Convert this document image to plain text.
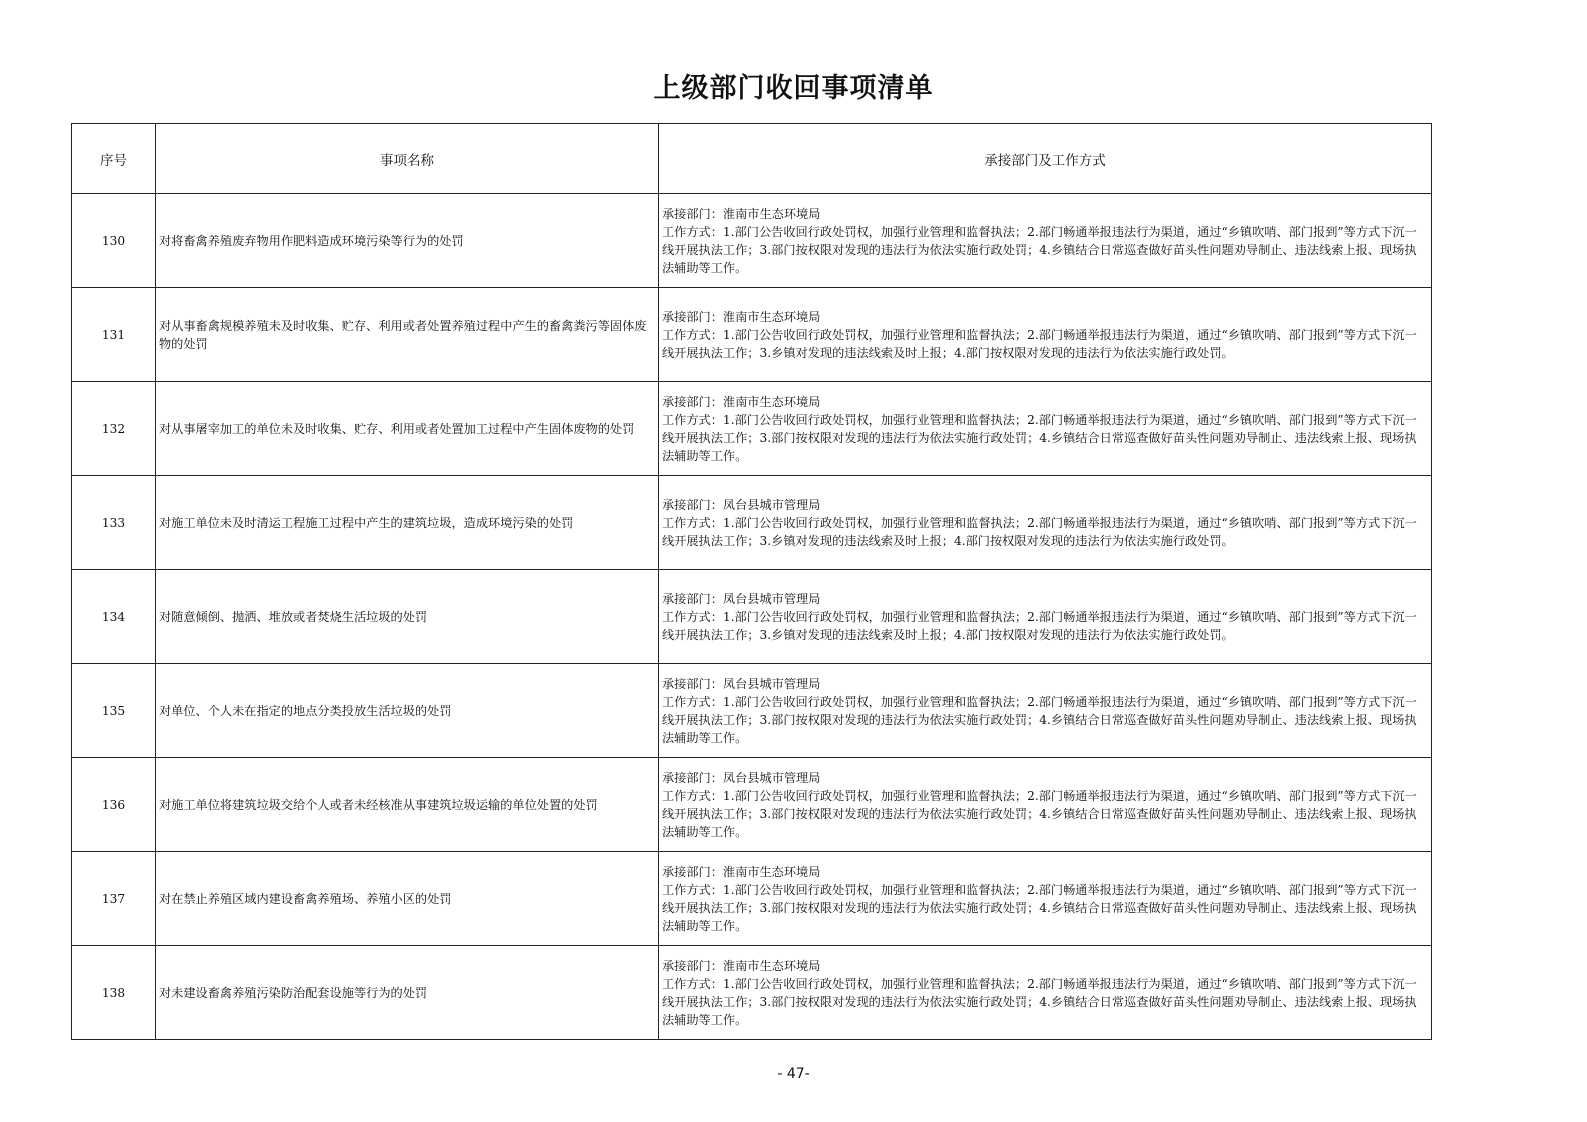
上级部门收回事项清单
序号	事项名称	承接部门及工作方式
130	对将畜禽养殖废弃物用作肥料造成环境污染等行为的处罚	承接部门：淮南市生态环境局
工作方式：1.部门公告收回行政处罚权，加强行业管理和监督执法；2.部门畅通举报违法行为渠道，通过“乡镇吹哨、部门报到”等方式下沉一线开展执法工作；3.部门按权限对发现的违法行为依法实施行政处罚；4.乡镇结合日常巡查做好苗头性问题劝导制止、违法线索上报、现场执法辅助等工作。

131	对从事畜禽规模养殖未及时收集、贮存、利用或者处置养殖过程中产生的畜禽粪污等固体废物的处罚	承接部门：淮南市生态环境局
工作方式：1.部门公告收回行政处罚权，加强行业管理和监督执法；2.部门畅通举报违法行为渠道，通过“乡镇吹哨、部门报到”等方式下沉一线开展执法工作；3.乡镇对发现的违法线索及时上报；4.部门按权限对发现的违法行为依法实施行政处罚。

132	对从事屠宰加工的单位未及时收集、贮存、利用或者处置加工过程中产生固体废物的处罚	承接部门：淮南市生态环境局
工作方式：1.部门公告收回行政处罚权，加强行业管理和监督执法；2.部门畅通举报违法行为渠道，通过“乡镇吹哨、部门报到”等方式下沉一线开展执法工作；3.部门按权限对发现的违法行为依法实施行政处罚；4.乡镇结合日常巡查做好苗头性问题劝导制止、违法线索上报、现场执法辅助等工作。

133	对施工单位未及时清运工程施工过程中产生的建筑垃圾，造成环境污染的处罚	承接部门：凤台县城市管理局
工作方式：1.部门公告收回行政处罚权，加强行业管理和监督执法；2.部门畅通举报违法行为渠道，通过“乡镇吹哨、部门报到”等方式下沉一线开展执法工作；3.乡镇对发现的违法线索及时上报；4.部门按权限对发现的违法行为依法实施行政处罚。

134	对随意倾倒、抛洒、堆放或者焚烧生活垃圾的处罚	承接部门：凤台县城市管理局
工作方式：1.部门公告收回行政处罚权，加强行业管理和监督执法；2.部门畅通举报违法行为渠道，通过“乡镇吹哨、部门报到”等方式下沉一线开展执法工作；3.乡镇对发现的违法线索及时上报；4.部门按权限对发现的违法行为依法实施行政处罚。

135	对单位、个人未在指定的地点分类投放生活垃圾的处罚	承接部门：凤台县城市管理局
工作方式：1.部门公告收回行政处罚权，加强行业管理和监督执法；2.部门畅通举报违法行为渠道，通过“乡镇吹哨、部门报到”等方式下沉一线开展执法工作；3.部门按权限对发现的违法行为依法实施行政处罚；4.乡镇结合日常巡查做好苗头性问题劝导制止、违法线索上报、现场执法辅助等工作。

136	对施工单位将建筑垃圾交给个人或者未经核准从事建筑垃圾运输的单位处置的处罚	承接部门：凤台县城市管理局
工作方式：1.部门公告收回行政处罚权，加强行业管理和监督执法；2.部门畅通举报违法行为渠道，通过“乡镇吹哨、部门报到”等方式下沉一线开展执法工作；3.部门按权限对发现的违法行为依法实施行政处罚；4.乡镇结合日常巡查做好苗头性问题劝导制止、违法线索上报、现场执法辅助等工作。

137	对在禁止养殖区域内建设畜禽养殖场、养殖小区的处罚	承接部门：淮南市生态环境局
工作方式：1.部门公告收回行政处罚权，加强行业管理和监督执法；2.部门畅通举报违法行为渠道，通过“乡镇吹哨、部门报到”等方式下沉一线开展执法工作；3.部门按权限对发现的违法行为依法实施行政处罚；4.乡镇结合日常巡查做好苗头性问题劝导制止、违法线索上报、现场执法辅助等工作。

138	对未建设畜禽养殖污染防治配套设施等行为的处罚	承接部门：淮南市生态环境局
工作方式：1.部门公告收回行政处罚权，加强行业管理和监督执法；2.部门畅通举报违法行为渠道，通过“乡镇吹哨、部门报到”等方式下沉一线开展执法工作；3.部门按权限对发现的违法行为依法实施行政处罚；4.乡镇结合日常巡查做好苗头性问题劝导制止、违法线索上报、现场执法辅助等工作。
- 47-
